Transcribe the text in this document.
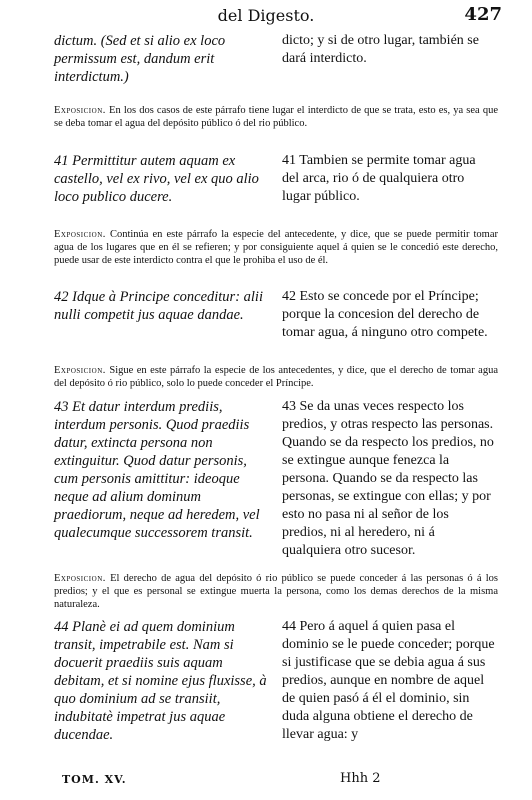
del Digesto.	427

dictum. (Sed et si alio ex loco permissum est, dandum erit interdictum.)

dicto; y si de otro lugar, también se dará interdicto.

Exposicion. En los dos casos de este párrafo tiene lugar el interdicto de que se trata, esto es, ya sea que se deba tomar el agua del depósito público ó del rio público.

41 Permittitur autem aquam ex castello, vel ex rivo, vel ex quo alio loco publico ducere.

41 Tambien se permite tomar agua del arca, rio ó de qualquiera otro lugar público.

Exposicion. Continúa en este párrafo la especie del antecedente, y dice, que se puede permitir tomar agua de los lugares que en él se refieren; y por consiguiente aquel á quien se le concedió este derecho, puede usar de este interdicto contra el que le prohiba el uso de él.

42 Idque à Principe conceditur: alii nulli competit jus aquae dandae.

42 Esto se concede por el Príncipe; porque la concesion del derecho de tomar agua, á ninguno otro compete.

Exposicion. Sigue en este párrafo la especie de los antecedentes, y dice, que el derecho de tomar agua del depósito ó rio público, solo lo puede conceder el Príncipe.

43 Et datur interdum prediis, interdum personis. Quod praediis datur, extincta persona non extinguitur. Quod datur personis, cum personis amittitur: ideoque neque ad alium dominum praediorum, neque ad heredem, vel qualecumque successorem transit.

43 Se da unas veces respecto los predios, y otras respecto las personas. Quando se da respecto los predios, no se extingue aunque fenezca la persona. Quando se da respecto las personas, se extingue con ellas; y por esto no pasa ni al señor de los predios, ni al heredero, ni á qualquiera otro sucesor.

Exposicion. El derecho de agua del depósito ó rio público se puede conceder á las personas ó á los predios; y el que es personal se extingue muerta la persona, como los demas derechos de la misma naturaleza.

44 Planè ei ad quem dominium transit, impetrabile est. Nam si docuerit praediis suis aquam debitam, et si nomine ejus fluxisse, à quo dominium ad se transiit, indubitatè impetrat jus aquae ducendae.

44 Pero á aquel á quien pasa el dominio se le puede conceder; porque si justificase que se debia agua á sus predios, aunque en nombre de aquel de quien pasó á él el dominio, sin duda alguna obtiene el derecho de llevar agua: y

TOM. XV.	Hhh 2
